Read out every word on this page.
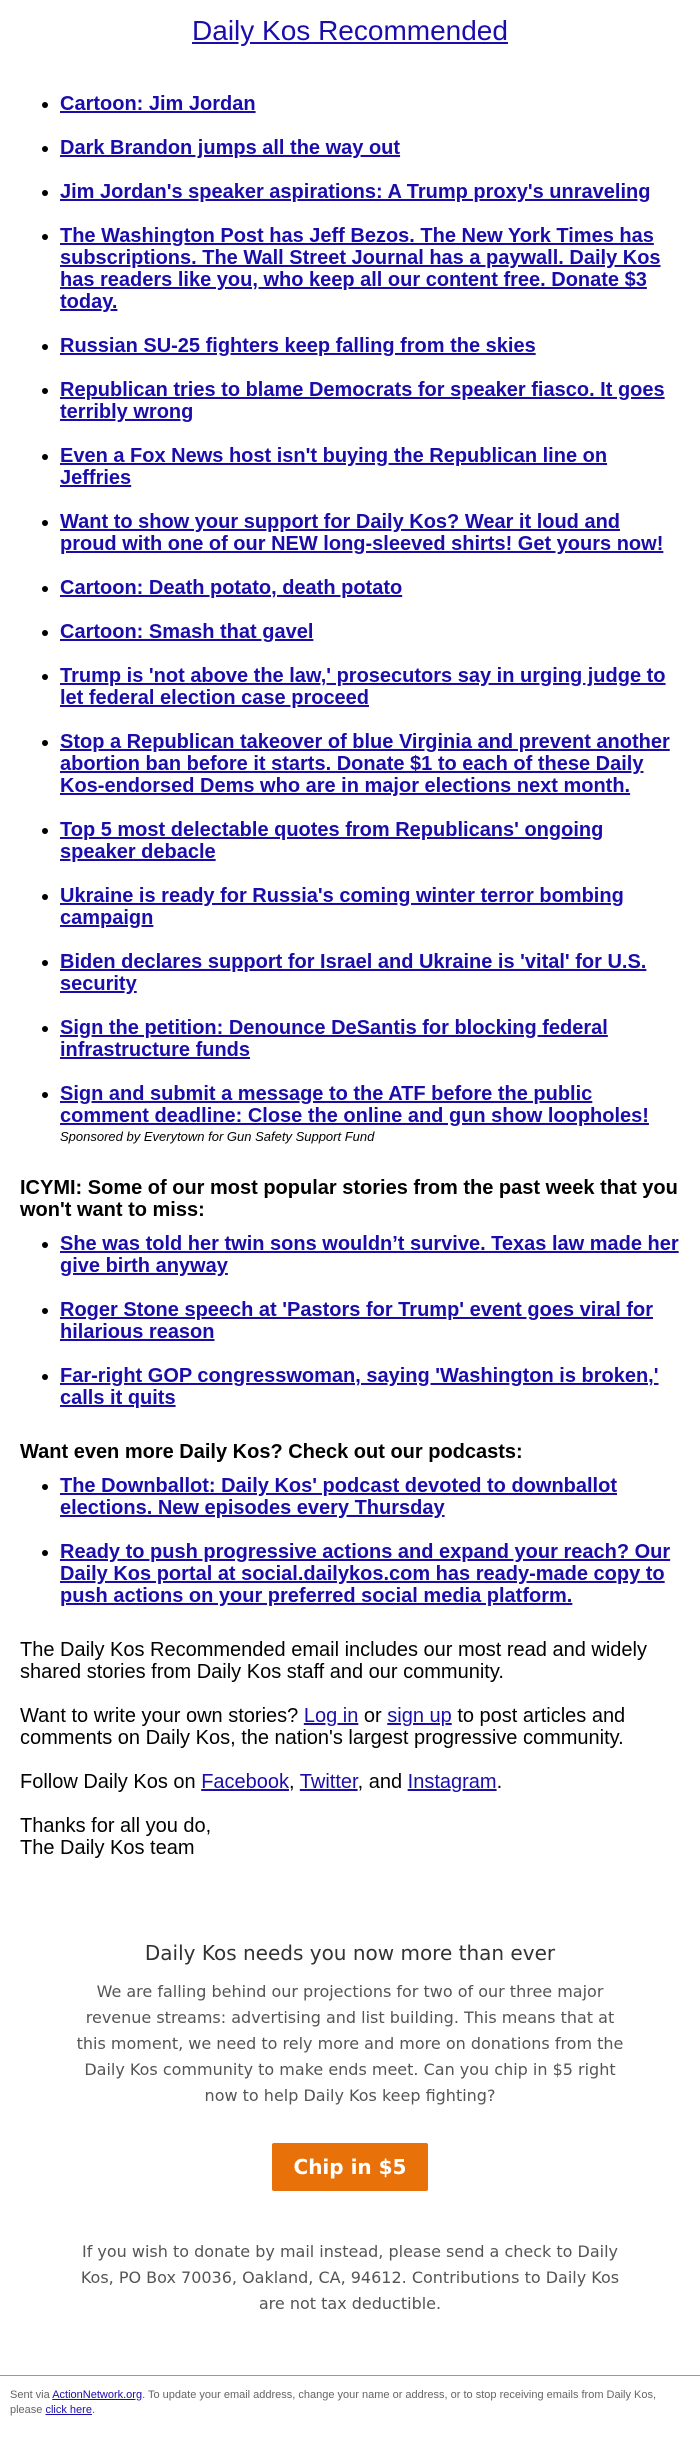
Daily Kos Recommended
• Cartoon: Jim Jordan
• Dark Brandon jumps all the way out
• Jim Jordan's speaker aspirations: A Trump proxy's unraveling
• The Washington Post has Jeff Bezos. The New York Times has subscriptions. The Wall Street Journal has a paywall. Daily Kos has readers like you, who keep all our content free. Donate $3 today.
• Russian SU-25 fighters keep falling from the skies
• Republican tries to blame Democrats for speaker fiasco. It goes terribly wrong
• Even a Fox News host isn't buying the Republican line on Jeffries
• Want to show your support for Daily Kos? Wear it loud and proud with one of our NEW long-sleeved shirts! Get yours now!
• Cartoon: Death potato, death potato
• Cartoon: Smash that gavel
• Trump is 'not above the law,' prosecutors say in urging judge to let federal election case proceed
• Stop a Republican takeover of blue Virginia and prevent another abortion ban before it starts. Donate $1 to each of these Daily Kos-endorsed Dems who are in major elections next month.
• Top 5 most delectable quotes from Republicans' ongoing speaker debacle
• Ukraine is ready for Russia's coming winter terror bombing campaign
• Biden declares support for Israel and Ukraine is 'vital' for U.S. security
• Sign the petition: Denounce DeSantis for blocking federal infrastructure funds
• Sign and submit a message to the ATF before the public comment deadline: Close the online and gun show loopholes!
Sponsored by Everytown for Gun Safety Support Fund

ICYMI: Some of our most popular stories from the past week that you won't want to miss:

• She was told her twin sons wouldn’t survive. Texas law made her give birth anyway
• Roger Stone speech at 'Pastors for Trump' event goes viral for hilarious reason
• Far-right GOP congresswoman, saying 'Washington is broken,' calls it quits

Want even more Daily Kos? Check out our podcasts:

• The Downballot: Daily Kos' podcast devoted to downballot elections. New episodes every Thursday
• Ready to push progressive actions and expand your reach? Our Daily Kos portal at social.dailykos.com has ready-made copy to push actions on your preferred social media platform.

The Daily Kos Recommended email includes our most read and widely shared stories from Daily Kos staff and our community.

Want to write your own stories? Log in or sign up to post articles and comments on Daily Kos, the nation's largest progressive community.

Follow Daily Kos on Facebook, Twitter, and Instagram.

Thanks for all you do,
The Daily Kos team

Daily Kos needs you now more than ever

We are falling behind our projections for two of our three major revenue streams: advertising and list building. This means that at this moment, we need to rely more and more on donations from the Daily Kos community to make ends meet. Can you chip in $5 right now to help Daily Kos keep fighting?

Chip in $5

If you wish to donate by mail instead, please send a check to Daily Kos, PO Box 70036, Oakland, CA, 94612. Contributions to Daily Kos are not tax deductible.

Sent via ActionNetwork.org. To update your email address, change your name or address, or to stop receiving emails from Daily Kos, please click here.
